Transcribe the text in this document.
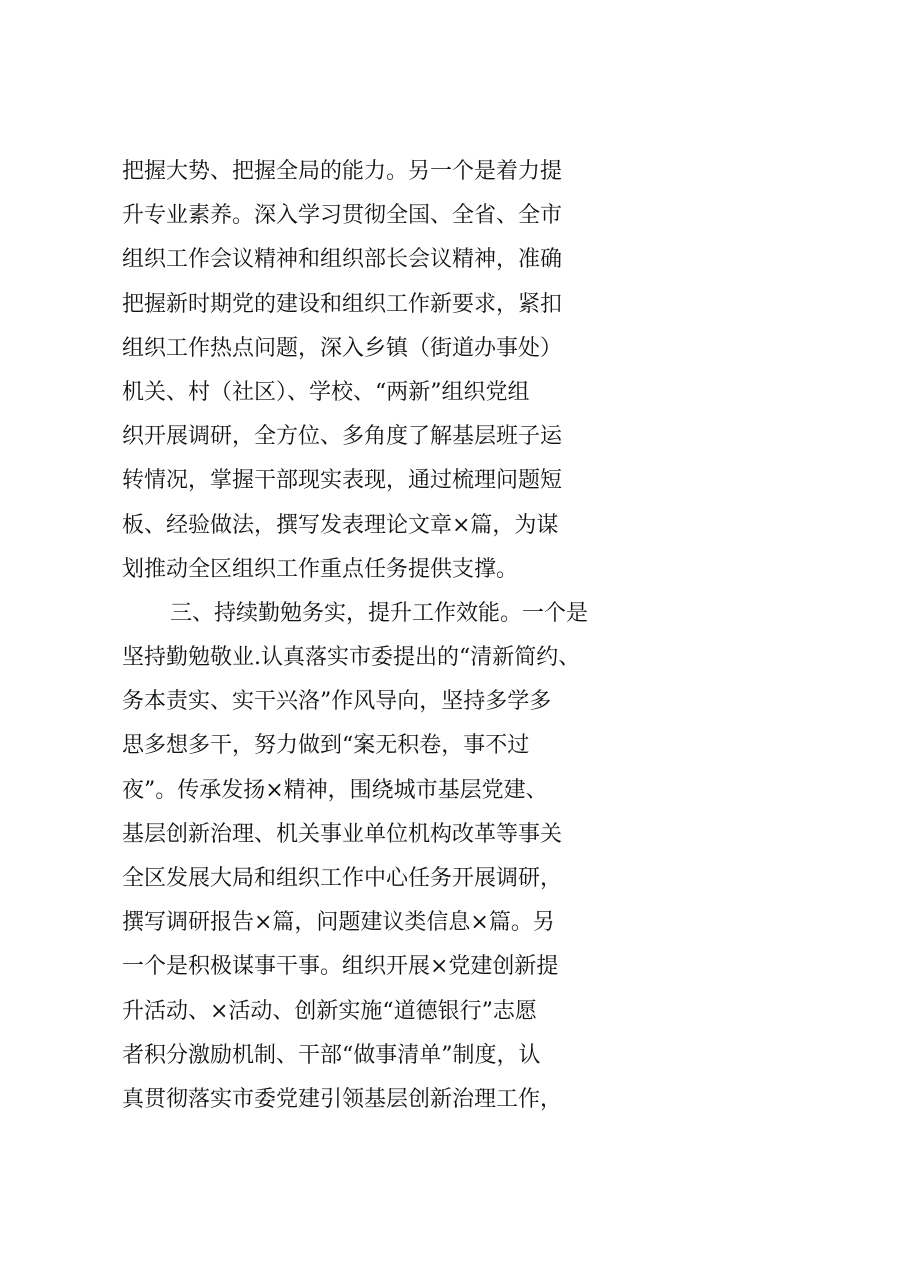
把握大势、把握全局的能力。另一个是着力提
升专业素养。深入学习贯彻全国、全省、全市
组织工作会议精神和组织部长会议精神，准确
把握新时期党的建设和组织工作新要求，紧扣
组织工作热点问题，深入乡镇（街道办事处）
机关、村（社区）、学校、“两新”组织党组
织开展调研，全方位、多角度了解基层班子运
转情况，掌握干部现实表现，通过梳理问题短
板、经验做法，撰写发表理论文章×篇，为谋
划推动全区组织工作重点任务提供支撑。
三、持续勤勉务实，提升工作效能。一个是
坚持勤勉敬业.认真落实市委提出的“清新简约、
务本责实、实干兴洛”作风导向，坚持多学多
思多想多干，努力做到“案无积卷，事不过
夜”。传承发扬×精神，围绕城市基层党建、
基层创新治理、机关事业单位机构改革等事关
全区发展大局和组织工作中心任务开展调研，
撰写调研报告×篇，问题建议类信息×篇。另
一个是积极谋事干事。组织开展×党建创新提
升活动、×活动、创新实施“道德银行”志愿
者积分激励机制、干部“做事清单”制度，认
真贯彻落实市委党建引领基层创新治理工作，
